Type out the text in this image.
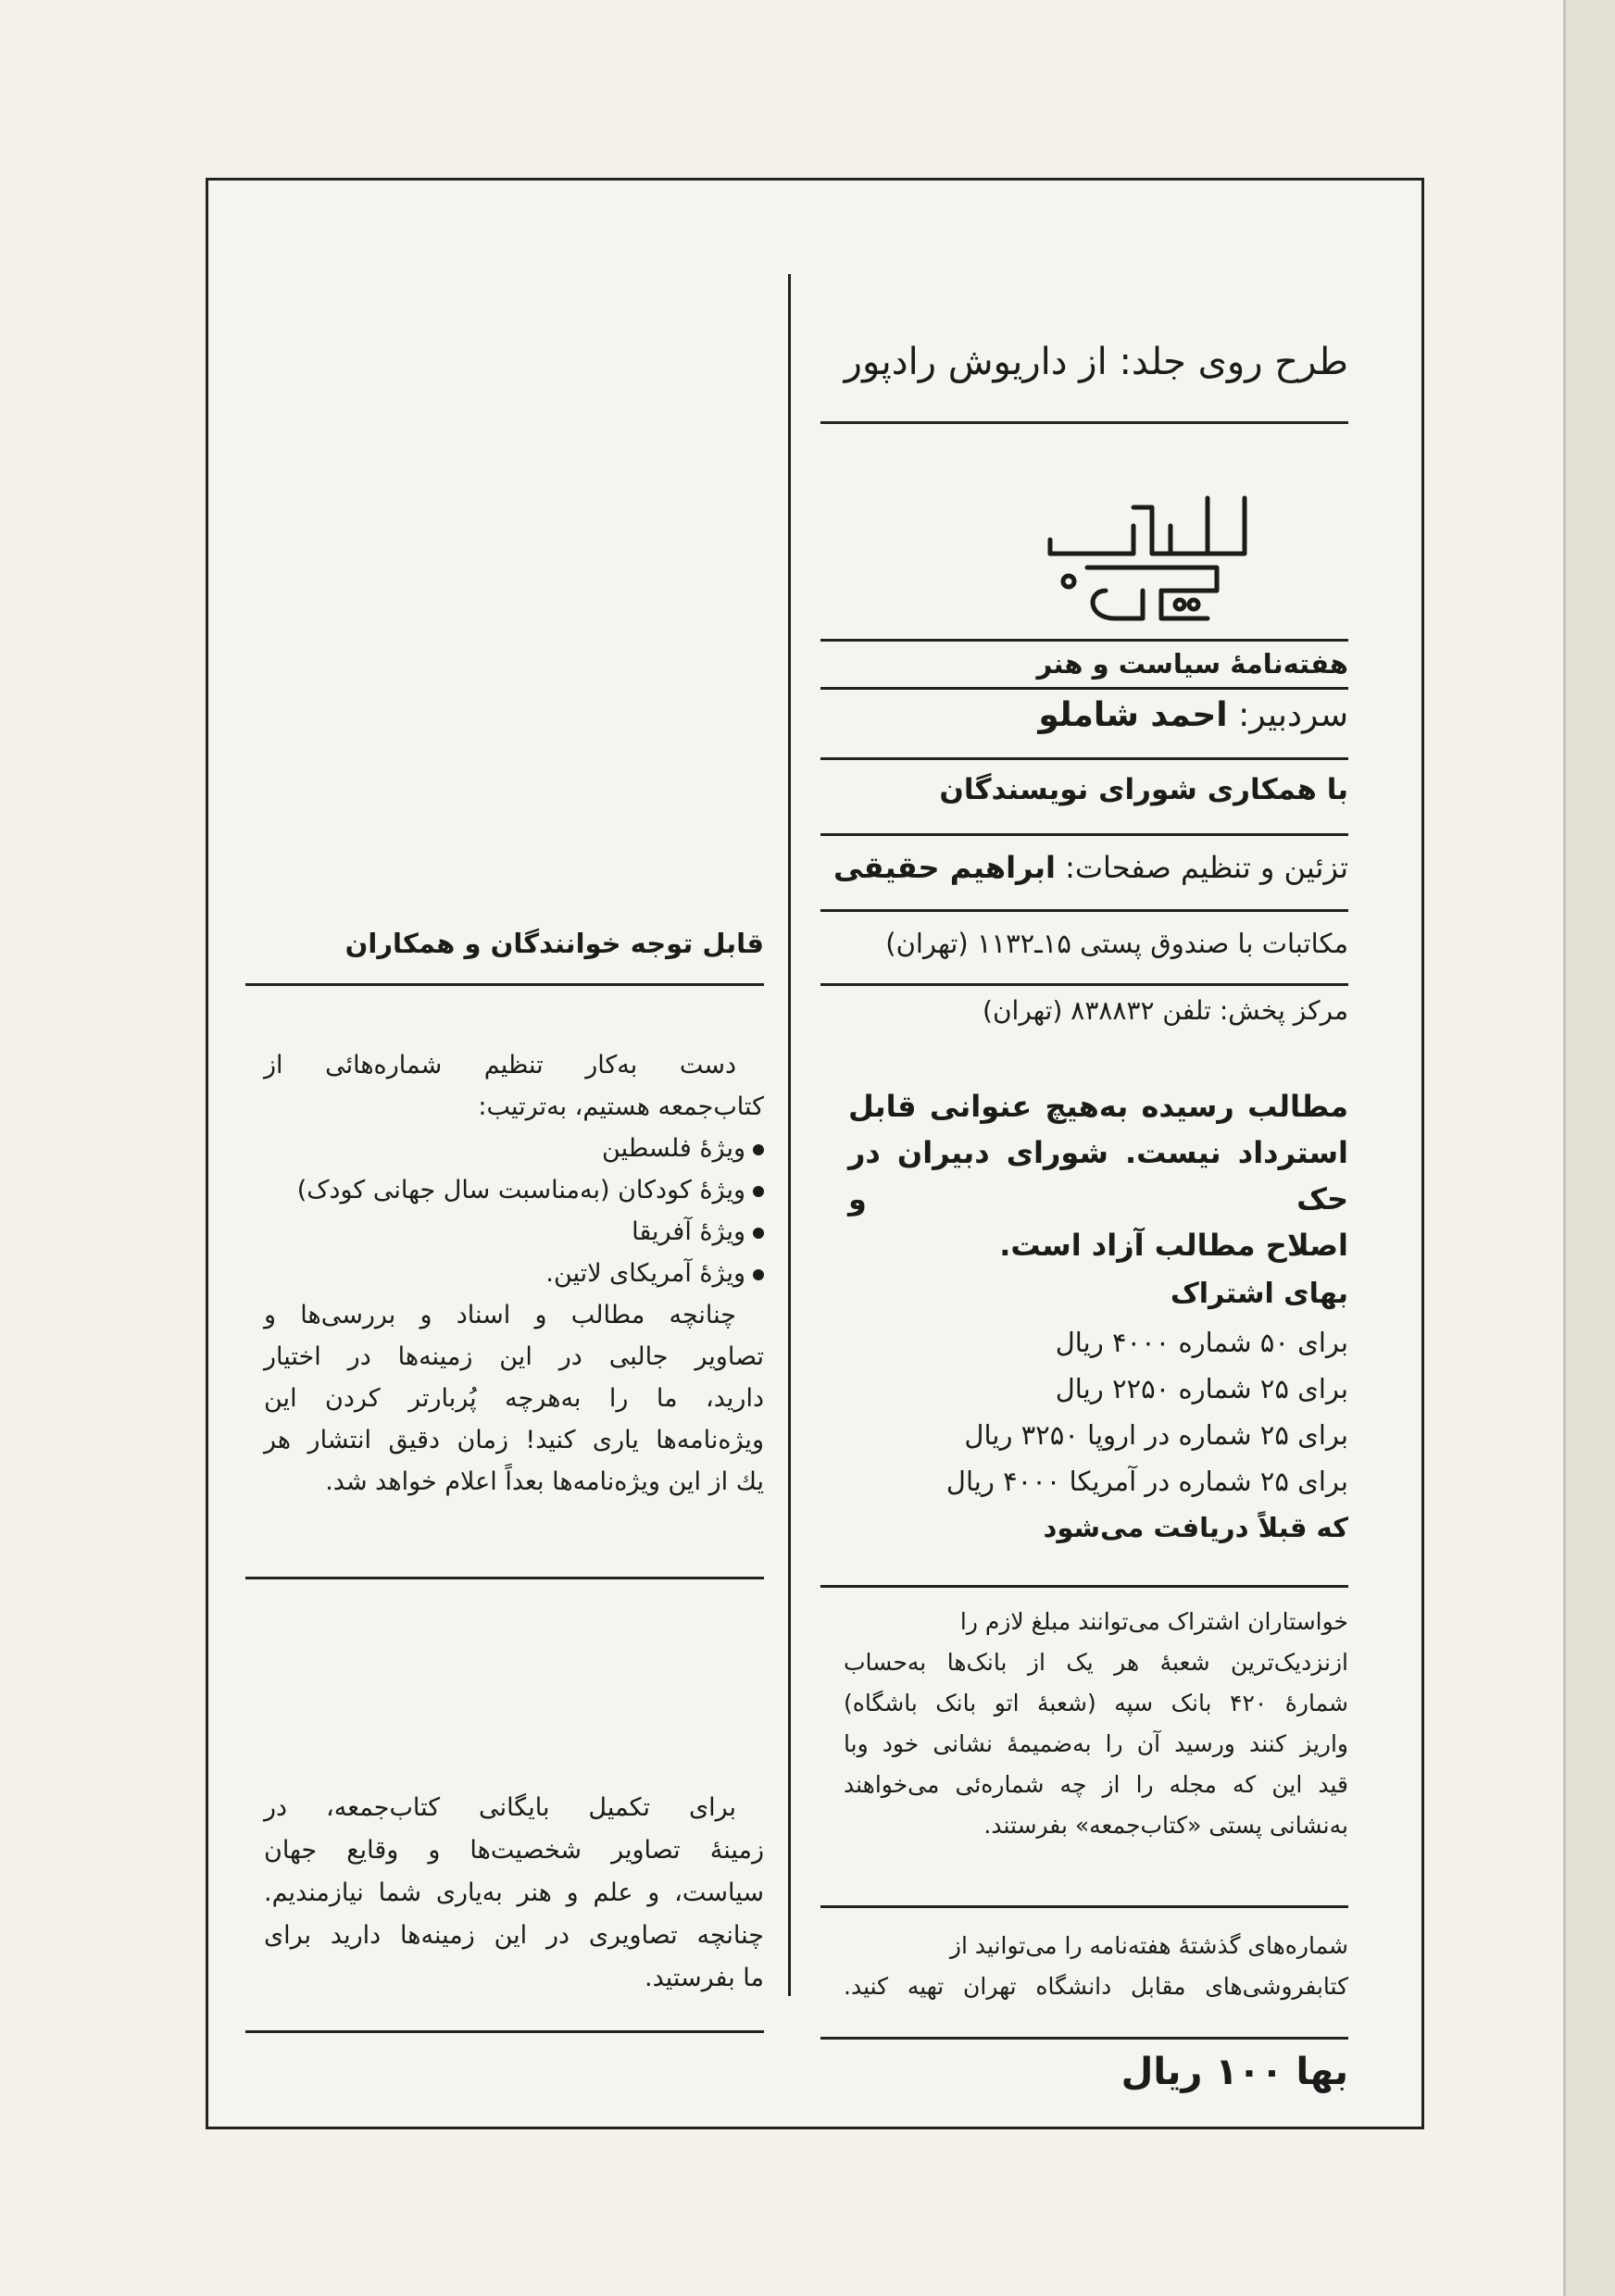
طرح روی جلد: از داریوش رادپور
هفته‌نامهٔ سیاست و هنر
سردبیر: احمد شاملو
با همکاری شورای نویسندگان
تزئین و تنظیم صفحات: ابراهیم حقیقی
مکاتبات با صندوق پستی ۱۵ـ۱۱۳۲ (تهران)
مرکز پخش: تلفن ۸۳۸۸۳۲ (تهران)
مطالب رسیده به‌هیچ عنوانی قابل
استرداد نیست. شورای دبیران در حک و
اصلاح مطالب آزاد است.
بهای اشتراک
برای ۵۰ شماره ۴۰۰۰ ریال
برای ۲۵ شماره ۲۲۵۰ ریال
برای ۲۵ شماره در اروپا ۳۲۵۰ ریال
برای ۲۵ شماره در آمریکا ۴۰۰۰ ریال
که قبلاً دریافت می‌شود
خواستاران اشتراک می‌توانند مبلغ لازم را
ازنزدیک‌ترین شعبهٔ هر یک از بانک‌ها به‌حساب
شمارهٔ ۴۲۰ بانک سپه (شعبهٔ اتو بانک باشگاه)
واریز کنند ورسید آن را به‌ضمیمهٔ نشانی خود وبا
قید این که مجله را از چه شماره‌ئی می‌خواهند
به‌نشانی پستی «کتاب‌جمعه» بفرستند.
شماره‌های گذشتهٔ هفته‌نامه را می‌توانید از
کتابفروشی‌های مقابل دانشگاه تهران تهیه کنید.
بها ۱۰۰ ریال
قابل توجه خوانندگان و همکاران
دست به‌کار تنظیم شماره‌هائی از
کتاب‌جمعه هستیم، به‌ترتیب:
ویژهٔ فلسطین
ویژهٔ کودکان (به‌مناسبت سال جهانی کودک)
ویژهٔ آفریقا
ویژهٔ آمریکای لاتین.
چنانچه مطالب و اسناد و بررسی‌ها و
تصاویر جالبی در این زمینه‌ها در اختیار
دارید، ما را به‌هرچه پُربارتر کردن این
ویژه‌نامه‌ها یاری کنید! زمان دقیق انتشار هر
یك از این ویژه‌نامه‌ها بعداً اعلام خواهد شد.
برای تکمیل بایگانی کتاب‌جمعه، در
زمینهٔ تصاویر شخصیت‌ها و وقایع جهان
سیاست، و علم و هنر به‌یاری شما نیازمندیم.
چنانچه تصاویری در این زمینه‌ها دارید برای
ما بفرستید.
